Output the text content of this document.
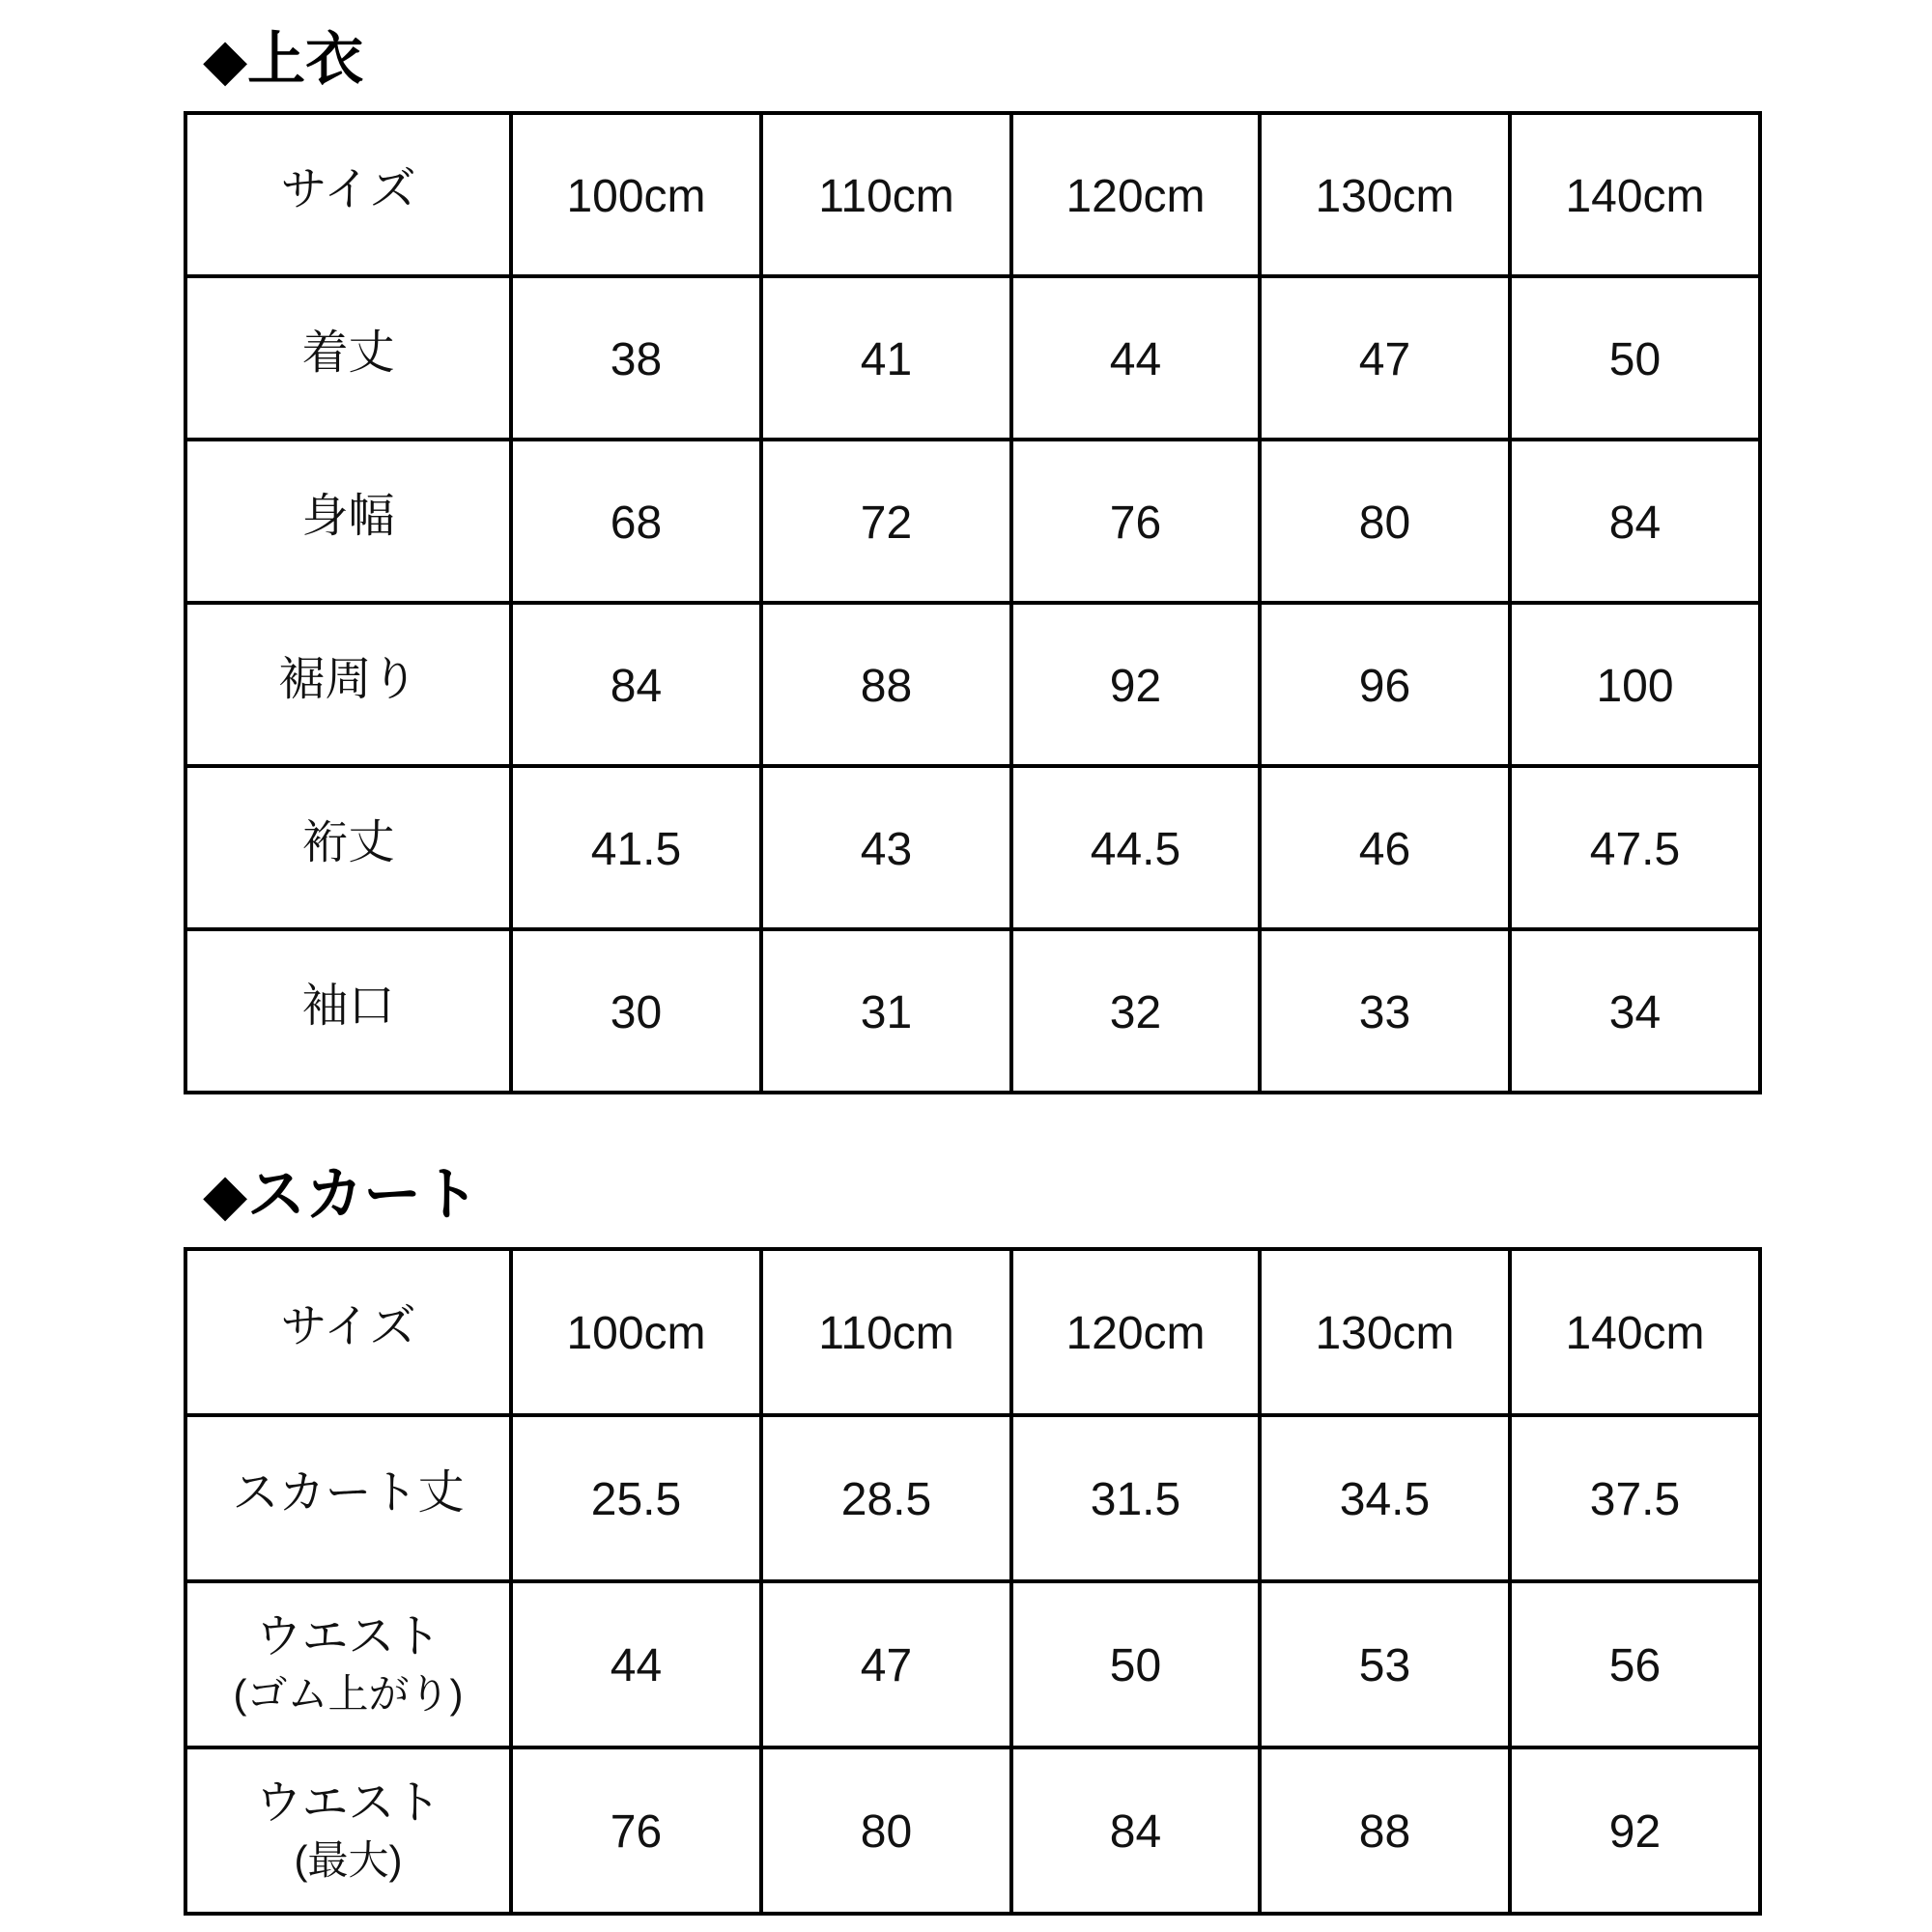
◆上衣
サイズ	100cm 110cm 120cm 130cm 140cm
着丈	38	41	44	47	50
身幅	68	72	76	80	84
裾周り	84	88	92	96	100
裄丈	41.5	43	44.5	46	47.5
袖口	30	31	32	33	34
◆スカート
サイズ	100cm 110cm 120cm 130cm 140cm
スカート丈	25.5	28.5	31.5	34.5	37.5
ウエスト
(ゴム上がり)
44	47	50	53	56
ウエスト
(最大)
76	80	84	88	92
